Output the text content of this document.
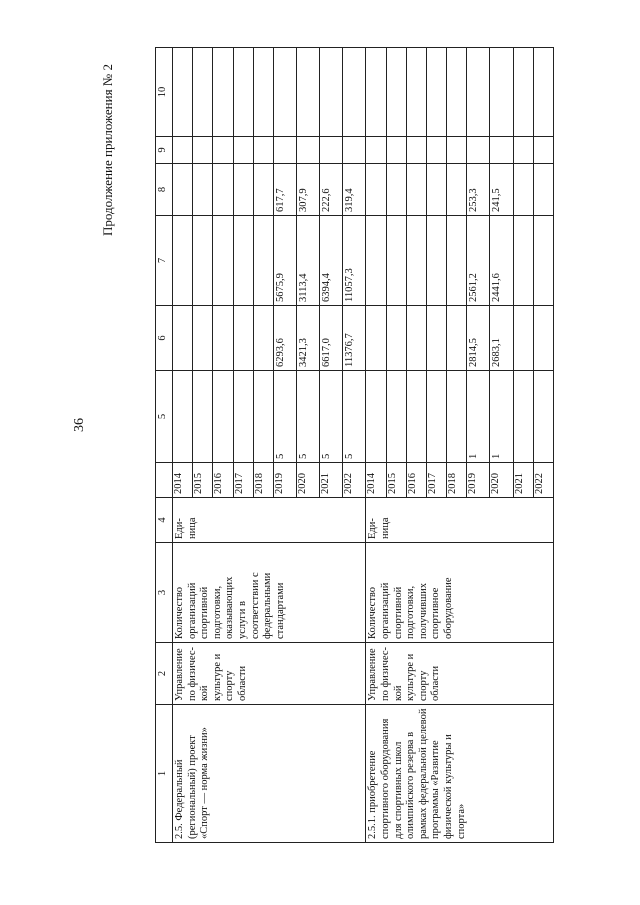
36
Продолжение приложения № 2
1	2	3	4		5	6	7	8	9	10
2.5. Федеральный (региональный) проект «Спорт — норма жизни»	Управление по физичес-кой культуре и спорту области	Количество организаций спортивной подготовки, оказывающих услуги в соответствии с федеральными стандартами	Еди-ница	2014						
				2015						
				2016						
				2017						
				2018						
				2019	5	6293,6	5675,9	617,7		
				2020	5	3421,3	3113,4	307,9		
				2021	5	6617,0	6394,4	222,6		
				2022	5	11376,7	11057,3	319,4		
2.5.1. приобретение спортивного оборудования для спортивных школ олимпийского резерва в рамках федеральной целевой программы «Развитие физической культуры и спорта»	Управление по физичес-кой культуре и спорту области	Количество организаций спортивной подготовки, получивших спортивное оборудование	Еди-ница	2014						
				2015						
				2016						
				2017						
				2018						
				2019	1	2814,5	2561,2	253,3		
				2020	1	2683,1	2441,6	241,5		
				2021						
				2022						
